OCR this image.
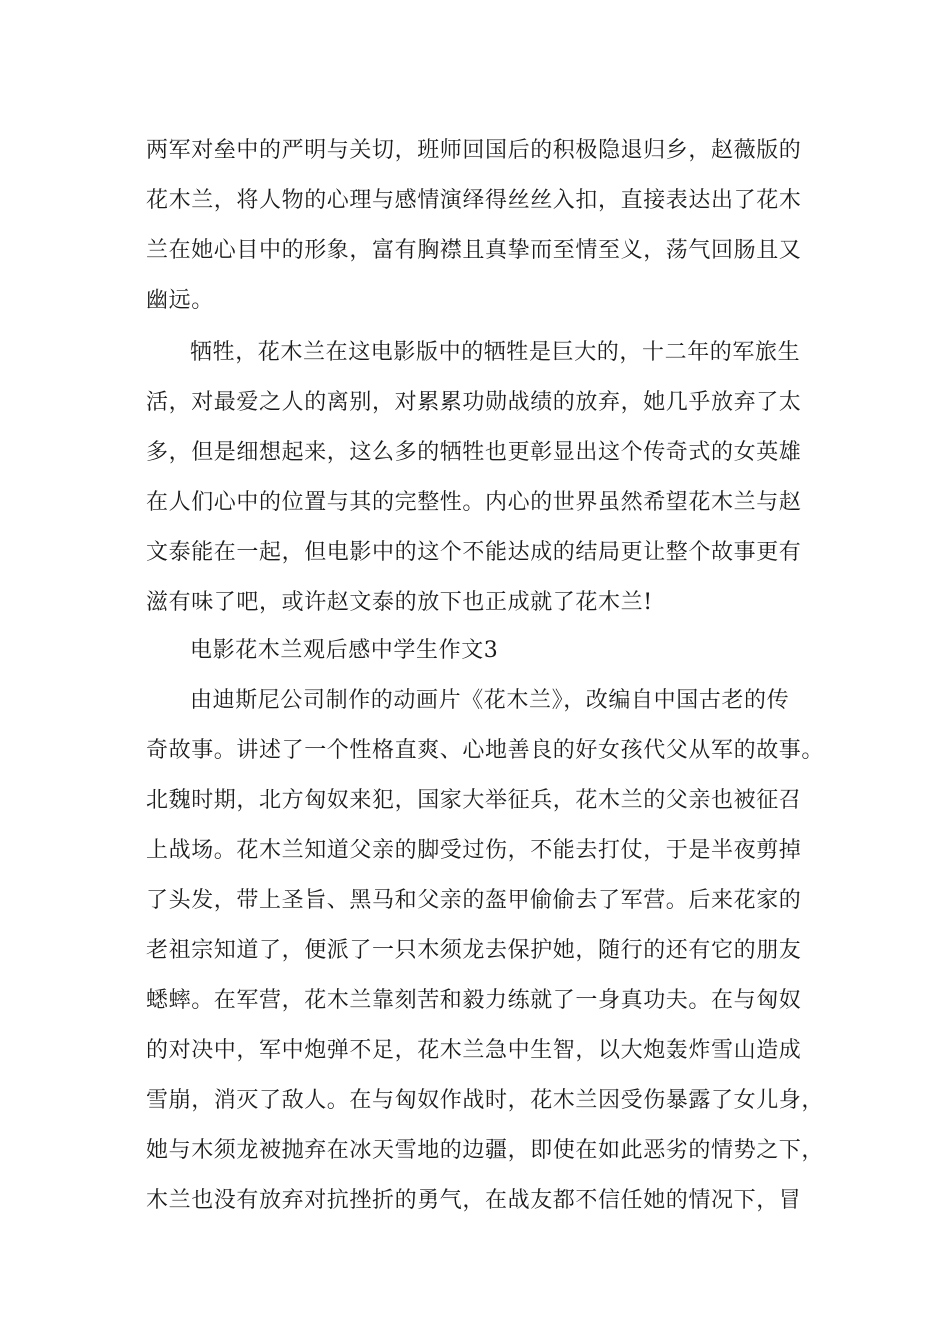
两军对垒中的严明与关切，班师回国后的积极隐退归乡，赵薇版的
花木兰，将人物的心理与感情演绎得丝丝入扣，直接表达出了花木
兰在她心目中的形象，富有胸襟且真挚而至情至义，荡气回肠且又
幽远。
牺牲，花木兰在这电影版中的牺牲是巨大的，十二年的军旅生
活，对最爱之人的离别，对累累功勋战绩的放弃，她几乎放弃了太
多，但是细想起来，这么多的牺牲也更彰显出这个传奇式的女英雄
在人们心中的位置与其的完整性。内心的世界虽然希望花木兰与赵
文泰能在一起，但电影中的这个不能达成的结局更让整个故事更有
滋有味了吧，或许赵文泰的放下也正成就了花木兰!
电影花木兰观后感中学生作文3
由迪斯尼公司制作的动画片《花木兰》，改编自中国古老的传
奇故事。讲述了一个性格直爽、心地善良的好女孩代父从军的故事。
北魏时期，北方匈奴来犯，国家大举征兵，花木兰的父亲也被征召
上战场。花木兰知道父亲的脚受过伤，不能去打仗，于是半夜剪掉
了头发，带上圣旨、黑马和父亲的盔甲偷偷去了军营。后来花家的
老祖宗知道了，便派了一只木须龙去保护她，随行的还有它的朋友
蟋蟀。在军营，花木兰靠刻苦和毅力练就了一身真功夫。在与匈奴
的对决中，军中炮弹不足，花木兰急中生智，以大炮轰炸雪山造成
雪崩，消灭了敌人。在与匈奴作战时，花木兰因受伤暴露了女儿身，
她与木须龙被抛弃在冰天雪地的边疆，即使在如此恶劣的情势之下，
木兰也没有放弃对抗挫折的勇气，在战友都不信任她的情况下，冒
